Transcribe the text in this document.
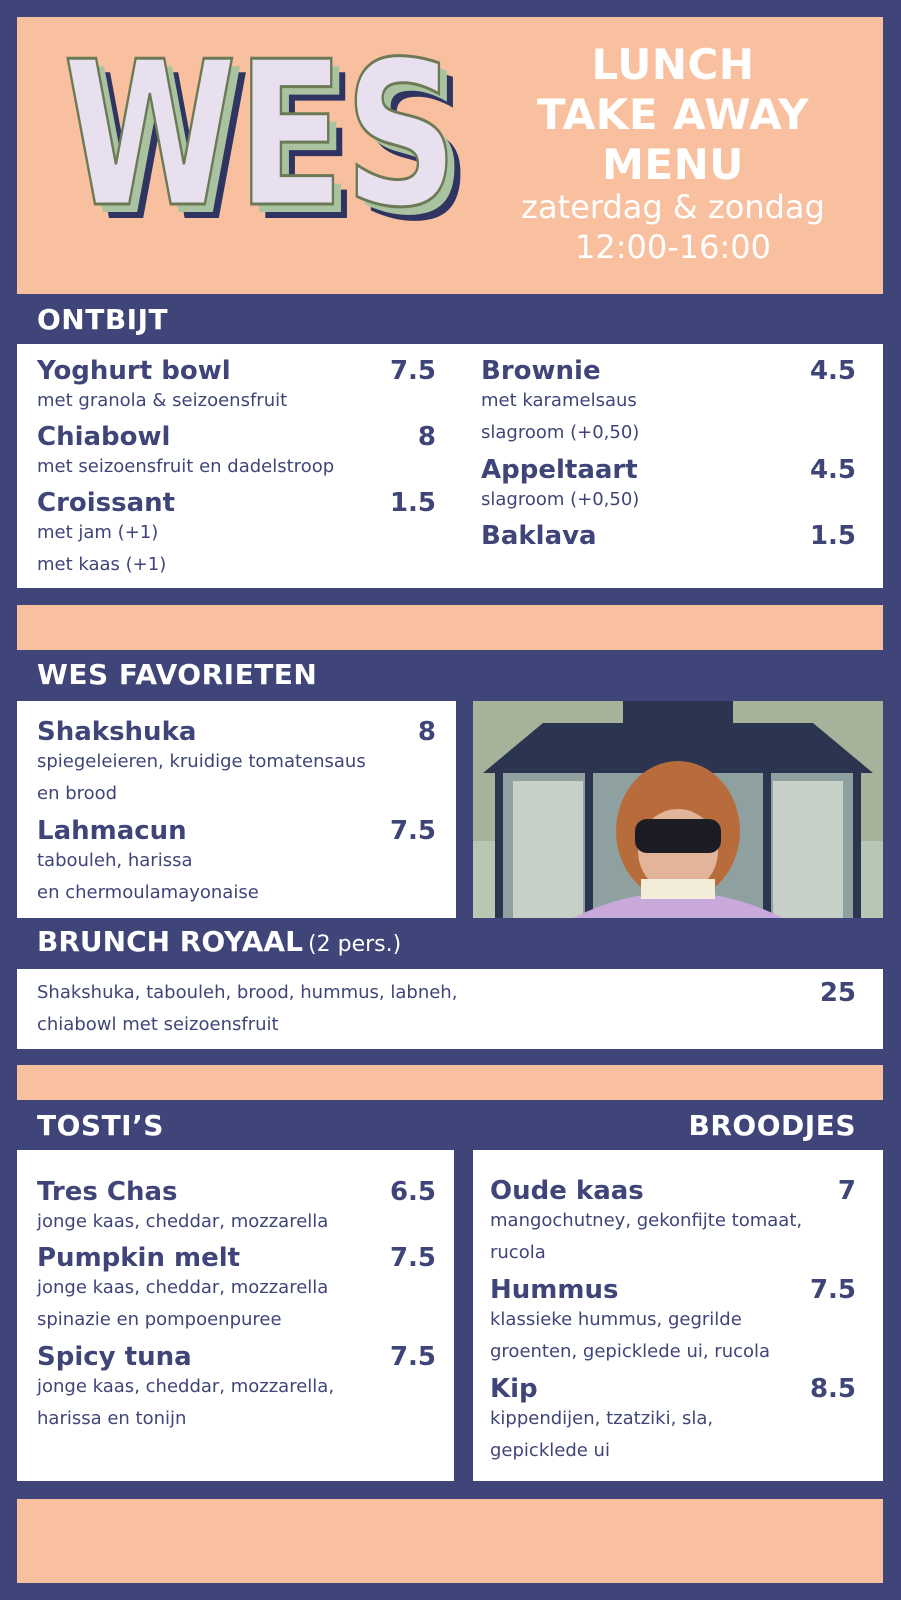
WES
WES
WES	LUNCH
TAKE AWAY
MENU
zaterdag & zondag
12:00-16:00
ONTBIJT
Yoghurt bowl	7.5
met granola & seizoensfruit
Chiabowl	8
met seizoensfruit en dadelstroop
Croissant	1.5
met jam (+1)
met kaas (+1)
Brownie	4.5
met karamelsaus
slagroom (+0,50)
Appeltaart	4.5
slagroom (+0,50)
Baklava	1.5
WES FAVORIETEN
Shakshuka	8
spiegeleieren, kruidige tomatensaus
en brood
Lahmacun	7.5
tabouleh, harissa
en chermoulamayonaise
BRUNCH ROYAAL (2 pers.)
Shakshuka, tabouleh, brood, hummus, labneh,
chiabowl met seizoensfruit
25
TOSTI’S	BROODJES
Tres Chas	6.5
jonge kaas, cheddar, mozzarella
Pumpkin melt	7.5
jonge kaas, cheddar, mozzarella
spinazie en pompoenpuree
Spicy tuna	7.5
jonge kaas, cheddar, mozzarella,
harissa en tonijn
Oude kaas	7
mangochutney, gekonfijte tomaat,
rucola
Hummus	7.5
klassieke hummus, gegrilde
groenten, gepicklede ui, rucola
Kip	8.5
kippendijen, tzatziki, sla,
gepicklede ui
